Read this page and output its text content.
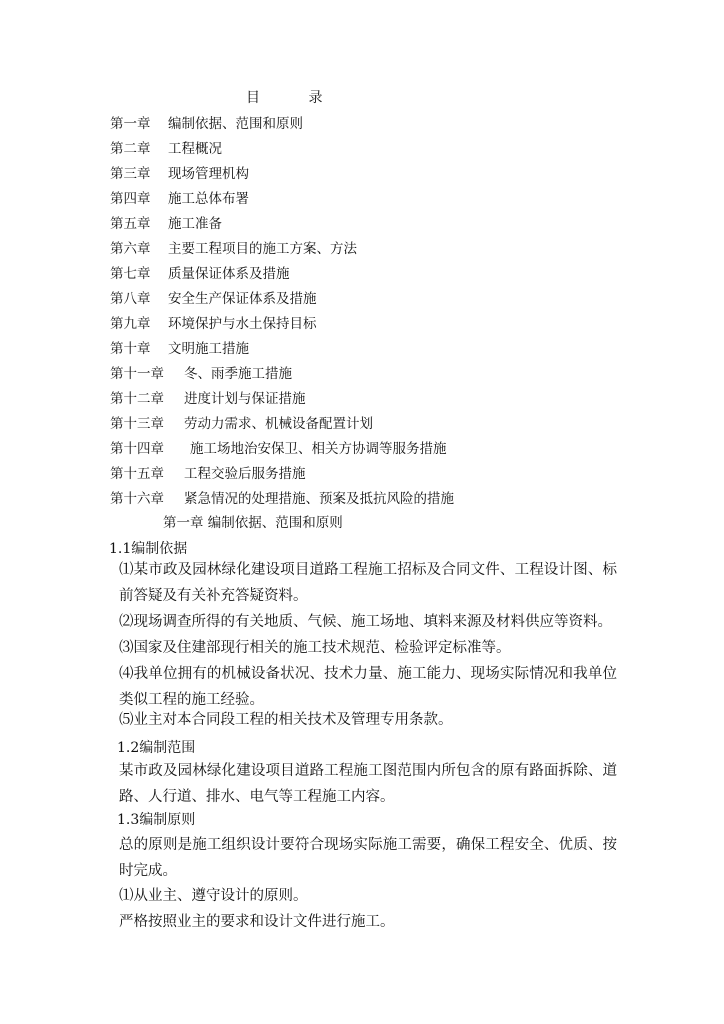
目 录
第一章 编制依据、范围和原则
第二章 工程概况
第三章 现场管理机构
第四章 施工总体布署
第五章 施工准备
第六章 主要工程项目的施工方案、方法
第七章 质量保证体系及措施
第八章 安全生产保证体系及措施
第九章 环境保护与水土保持目标
第十章 文明施工措施
第十一章 冬、雨季施工措施
第十二章 进度计划与保证措施
第十三章 劳动力需求、机械设备配置计划
第十四章 施工场地治安保卫、相关方协调等服务措施
第十五章 工程交验后服务措施
第十六章 紧急情况的处理措施、预案及抵抗风险的措施
第一章 编制依据、范围和原则
1.1编制依据
⑴某市政及园林绿化建设项目道路工程施工招标及合同文件、工程设计图、标前答疑及有关补充答疑资料。
⑵现场调查所得的有关地质、气候、施工场地、填料来源及材料供应等资料。
⑶国家及住建部现行相关的施工技术规范、检验评定标准等。
⑷我单位拥有的机械设备状况、技术力量、施工能力、现场实际情况和我单位类似工程的施工经验。
⑸业主对本合同段工程的相关技术及管理专用条款。
1.2编制范围
某市政及园林绿化建设项目道路工程施工图范围内所包含的原有路面拆除、道路、人行道、排水、电气等工程施工内容。
1.3编制原则
总的原则是施工组织设计要符合现场实际施工需要，确保工程安全、优质、按时完成。
⑴从业主、遵守设计的原则。
严格按照业主的要求和设计文件进行施工。
